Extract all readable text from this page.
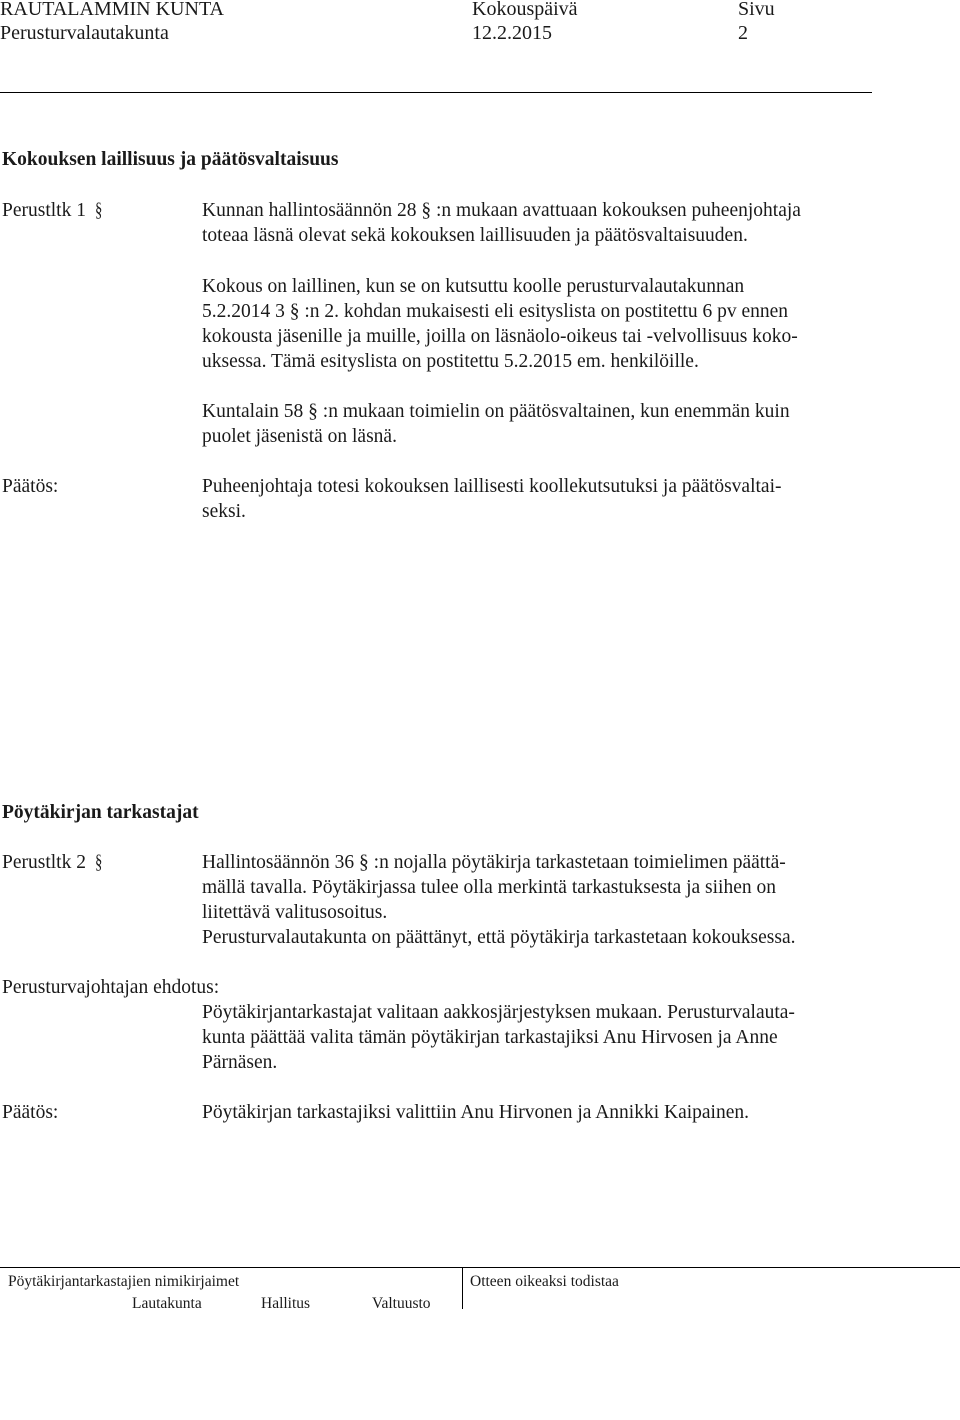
RAUTALAMMIN KUNTA	Kokouspäivä	Sivu
Perusturvalautakunta	12.2.2015	2
Kokouksen laillisuus ja päätösvaltaisuus
Perustltk 1 §	Kunnan hallintosäännön 28 § :n mukaan avattuaan kokouksen puheenjohtaja
toteaa läsnä olevat sekä kokouksen laillisuuden ja päätösvaltaisuuden.
Kokous on laillinen, kun se on kutsuttu koolle perusturvalautakunnan
5.2.2014 3 § :n 2. kohdan mukaisesti eli esityslista on postitettu 6 pv ennen
kokousta jäsenille ja muille, joilla on läsnäolo-oikeus tai -velvollisuus koko-
uksessa. Tämä esityslista on postitettu 5.2.2015 em. henkilöille.
Kuntalain 58 § :n mukaan toimielin on päätösvaltainen, kun enemmän kuin
puolet jäsenistä on läsnä.
Päätös:	Puheenjohtaja totesi kokouksen laillisesti koollekutsutuksi ja päätösvaltai-
seksi.
Pöytäkirjan tarkastajat
Perustltk 2 §	Hallintosäännön 36 § :n nojalla pöytäkirja tarkastetaan toimielimen päättä-
mällä tavalla. Pöytäkirjassa tulee olla merkintä tarkastuksesta ja siihen on
liitettävä valitusosoitus.
Perusturvalautakunta on päättänyt, että pöytäkirja tarkastetaan kokouksessa.
Perusturvajohtajan ehdotus:
Pöytäkirjantarkastajat valitaan aakkosjärjestyksen mukaan. Perusturvalauta-
kunta päättää valita tämän pöytäkirjan tarkastajiksi Anu Hirvosen ja Anne
Pärnäsen.
Päätös:	Pöytäkirjan tarkastajiksi valittiin Anu Hirvonen ja Annikki Kaipainen.
Pöytäkirjantarkastajien nimikirjaimet	Otteen oikeaksi todistaa
Lautakunta	Hallitus	Valtuusto
